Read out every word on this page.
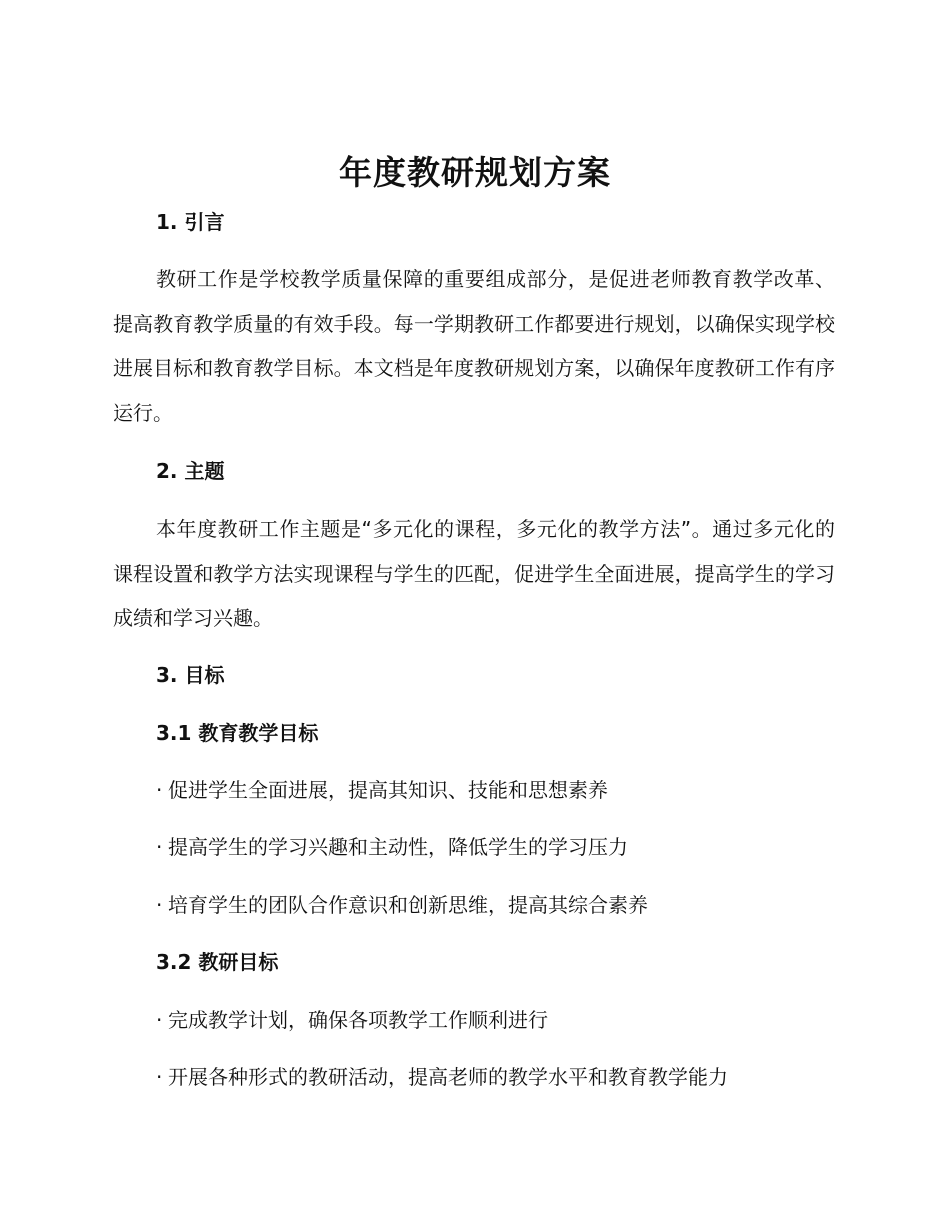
年度教研规划方案
1. 引言

教研工作是学校教学质量保障的重要组成部分，是促进老师教育教学改革、提高教育教学质量的有效手段。每一学期教研工作都要进行规划，以确保实现学校进展目标和教育教学目标。本文档是年度教研规划方案，以确保年度教研工作有序运行。

2. 主题

本年度教研工作主题是“多元化的课程，多元化的教学方法”。通过多元化的课程设置和教学方法实现课程与学生的匹配，促进学生全面进展，提高学生的学习成绩和学习兴趣。

3. 目标
3.1 教育教学目标
· 促进学生全面进展，提高其知识、技能和思想素养
· 提高学生的学习兴趣和主动性，降低学生的学习压力
· 培育学生的团队合作意识和创新思维，提高其综合素养
3.2 教研目标
· 完成教学计划，确保各项教学工作顺利进行
· 开展各种形式的教研活动，提高老师的教学水平和教育教学能力
